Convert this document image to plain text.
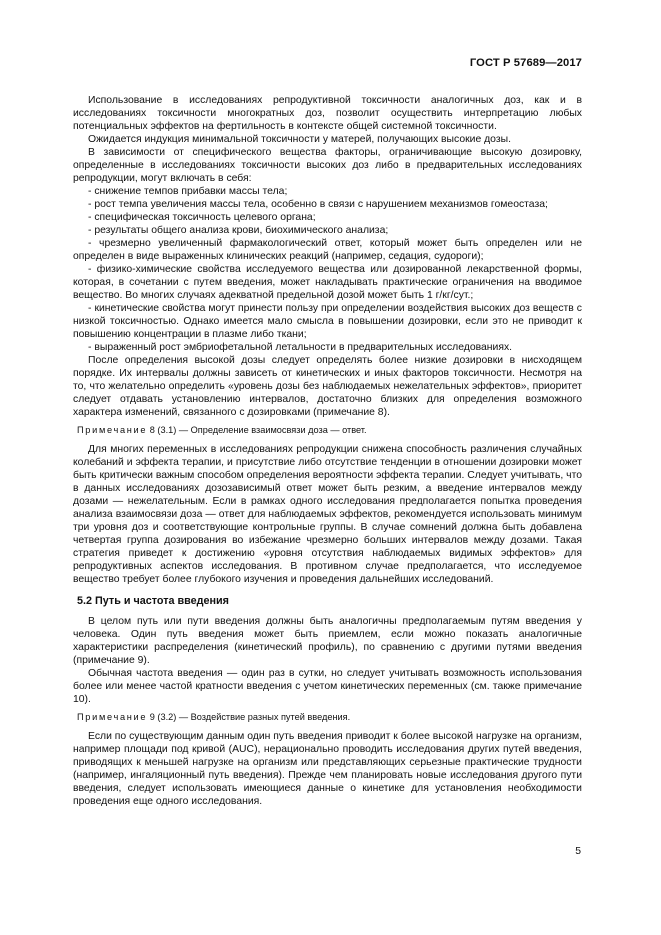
ГОСТ Р 57689—2017

Использование в исследованиях репродуктивной токсичности аналогичных доз, как и в исследованиях токсичности многократных доз, позволит осуществить интерпретацию любых потенциальных эффектов на фертильность в контексте общей системной токсичности.

Ожидается индукция минимальной токсичности у матерей, получающих высокие дозы.

В зависимости от специфического вещества факторы, ограничивающие высокую дозировку, определенные в исследованиях токсичности высоких доз либо в предварительных исследованиях репродукции, могут включать в себя:

- снижение темпов прибавки массы тела;

- рост темпа увеличения массы тела, особенно в связи с нарушением механизмов гомеостаза;

- специфическая токсичность целевого органа;

- результаты общего анализа крови, биохимического анализа;

- чрезмерно увеличенный фармакологический ответ, который может быть определен или не определен в виде выраженных клинических реакций (например, седация, судороги);

- физико-химические свойства исследуемого вещества или дозированной лекарственной формы, которая, в сочетании с путем введения, может накладывать практические ограничения на вводимое вещество. Во многих случаях адекватной предельной дозой может быть 1 г/кг/сут.;

- кинетические свойства могут принести пользу при определении воздействия высоких доз веществ с низкой токсичностью. Однако имеется мало смысла в повышении дозировки, если это не приводит к повышению концентрации в плазме либо ткани;

- выраженный рост эмбриофетальной летальности в предварительных исследованиях.

После определения высокой дозы следует определять более низкие дозировки в нисходящем порядке. Их интервалы должны зависеть от кинетических и иных факторов токсичности. Несмотря на то, что желательно определить «уровень дозы без наблюдаемых нежелательных эффектов», приоритет следует отдавать установлению интервалов, достаточно близких для определения возможного характера изменений, связанного с дозировками (примечание 8).

Примечание 8 (3.1) — Определение взаимосвязи доза — ответ.

Для многих переменных в исследованиях репродукции снижена способность различения случайных колебаний и эффекта терапии, и присутствие либо отсутствие тенденции в отношении дозировки может быть критически важным способом определения вероятности эффекта терапии. Следует учитывать, что в данных исследованиях дозозависимый ответ может быть резким, а введение интервалов между дозами — нежелательным. Если в рамках одного исследования предполагается попытка проведения анализа взаимосвязи доза — ответ для наблюдаемых эффектов, рекомендуется использовать минимум три уровня доз и соответствующие контрольные группы. В случае сомнений должна быть добавлена четвертая группа дозирования во избежание чрезмерно больших интервалов между дозами. Такая стратегия приведет к достижению «уровня отсутствия наблюдаемых видимых эффектов» для репродуктивных аспектов исследования. В противном случае предполагается, что исследуемое вещество требует более глубокого изучения и проведения дальнейших исследований.

5.2 Путь и частота введения

В целом путь или пути введения должны быть аналогичны предполагаемым путям введения у человека. Один путь введения может быть приемлем, если можно показать аналогичные характеристики распределения (кинетический профиль), по сравнению с другими путями введения (примечание 9).

Обычная частота введения — один раз в сутки, но следует учитывать возможность использования более или менее частой кратности введения с учетом кинетических переменных (см. также примечание 10).

Примечание 9 (3.2) — Воздействие разных путей введения.

Если по существующим данным один путь введения приводит к более высокой нагрузке на организм, например площади под кривой (AUC), нерационально проводить исследования других путей введения, приводящих к меньшей нагрузке на организм или представляющих серьезные практические трудности (например, ингаляционный путь введения). Прежде чем планировать новые исследования другого пути введения, следует использовать имеющиеся данные о кинетике для установления необходимости проведения еще одного исследования.

5
